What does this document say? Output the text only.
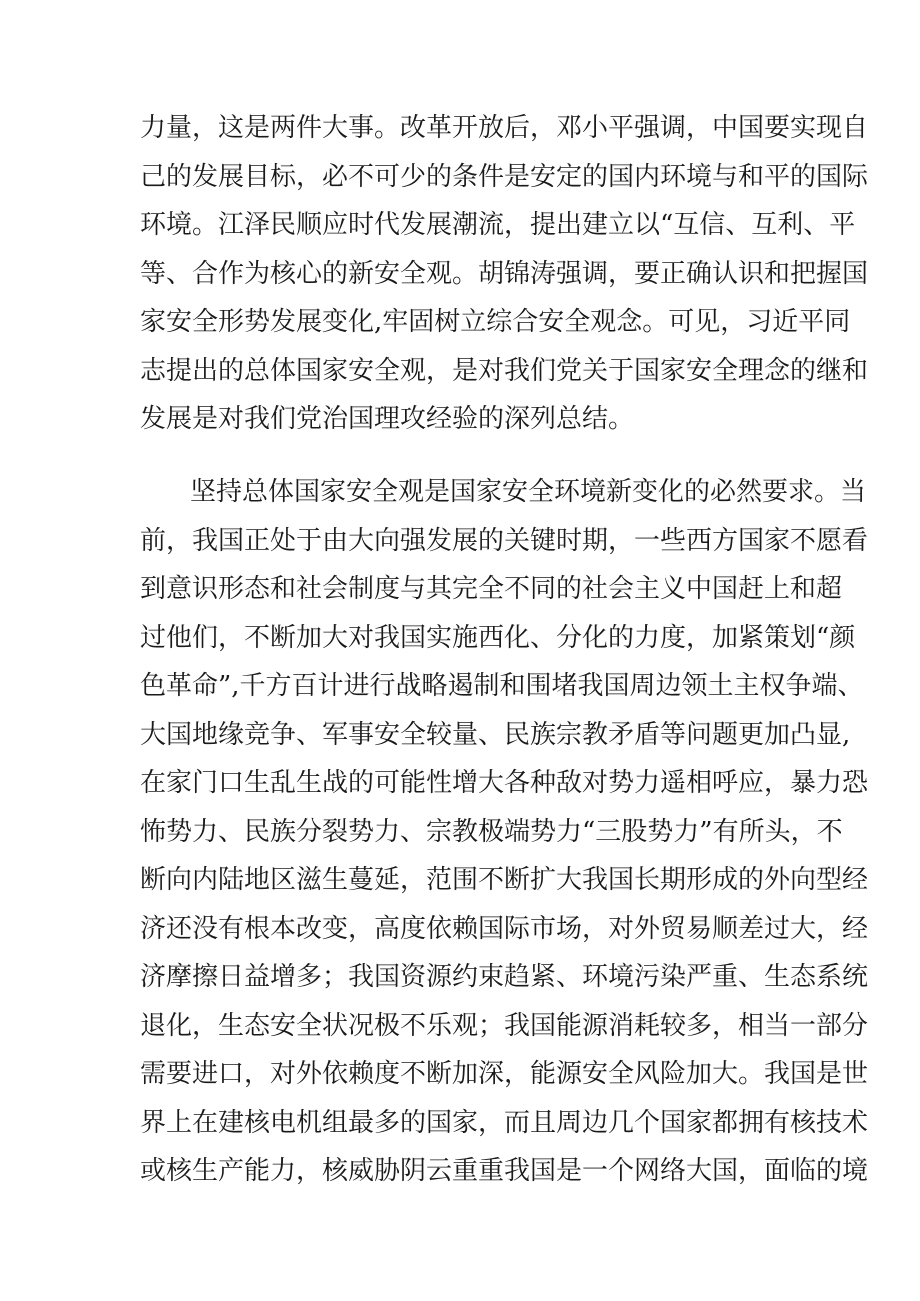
力量，这是两件大事。改革开放后，邓小平强调，中国要实现自
己的发展目标，必不可少的条件是安定的国内环境与和平的国际
环境。江泽民顺应时代发展潮流，提出建立以“互信、互利、平
等、合作为核心的新安全观。胡锦涛强调，要正确认识和把握国
家安全形势发展变化,牢固树立综合安全观念。可见，习近平同
志提出的总体国家安全观，是对我们党关于国家安全理念的继和
发展是对我们党治国理攻经验的深列总结。
坚持总体国家安全观是国家安全环境新变化的必然要求。当
前，我国正处于由大向强发展的关键时期，一些西方国家不愿看
到意识形态和社会制度与其完全不同的社会主义中国赶上和超
过他们，不断加大对我国实施西化、分化的力度，加紧策划“颜
色革命”,千方百计进行战略遏制和围堵我国周边领土主权争端、
大国地缘竞争、军事安全较量、民族宗教矛盾等问题更加凸显,
在家门口生乱生战的可能性增大各种敌对势力遥相呼应，暴力恐
怖势力、民族分裂势力、宗教极端势力“三股势力”有所头，不
断向内陆地区滋生蔓延，范围不断扩大我国长期形成的外向型经
济还没有根本改变，高度依赖国际市场，对外贸易顺差过大，经
济摩擦日益增多；我国资源约束趋紧、环境污染严重、生态系统
退化，生态安全状况极不乐观；我国能源消耗较多，相当一部分
需要进口，对外依赖度不断加深，能源安全风险加大。我国是世
界上在建核电机组最多的国家，而且周边几个国家都拥有核技术
或核生产能力，核威胁阴云重重我国是一个网络大国，面临的境
